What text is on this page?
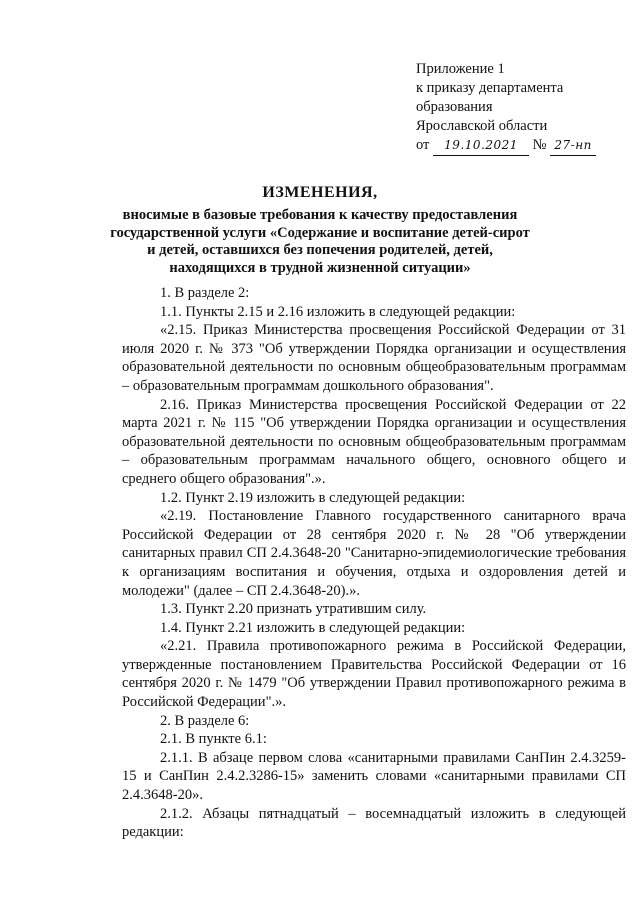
Приложение 1
к приказу департамента
образования
Ярославской области
от 19.10.2021 № 27-нп
ИЗМЕНЕНИЯ,
вносимые в базовые требования к качеству предоставления государственной услуги «Содержание и воспитание детей-сирот и детей, оставшихся без попечения родителей, детей, находящихся в трудной жизненной ситуации»

1. В разделе 2:

1.1. Пункты 2.15 и 2.16 изложить в следующей редакции:

«2.15. Приказ Министерства просвещения Российской Федерации от 31 июля 2020 г. № 373 "Об утверждении Порядка организации и осуществления образовательной деятельности по основным общеобразовательным программам – образовательным программам дошкольного образования".

2.16. Приказ Министерства просвещения Российской Федерации от 22 марта 2021 г. № 115 "Об утверждении Порядка организации и осуществления образовательной деятельности по основным общеобразовательным программам – образовательным программам начального общего, основного общего и среднего общего образования".».

1.2. Пункт 2.19 изложить в следующей редакции:

«2.19. Постановление Главного государственного санитарного врача Российской Федерации от 28 сентября 2020 г. № 28 "Об утверждении санитарных правил СП 2.4.3648-20 "Санитарно-эпидемиологические требования к организациям воспитания и обучения, отдыха и оздоровления детей и молодежи" (далее – СП 2.4.3648-20).».

1.3. Пункт 2.20 признать утратившим силу.

1.4. Пункт 2.21 изложить в следующей редакции:

«2.21. Правила противопожарного режима в Российской Федерации, утвержденные постановлением Правительства Российской Федерации от 16 сентября 2020 г. № 1479 "Об утверждении Правил противопожарного режима в Российской Федерации".».

2. В разделе 6:

2.1. В пункте 6.1:

2.1.1. В абзаце первом слова «санитарными правилами СанПин 2.4.3259-15 и СанПин 2.4.2.3286-15» заменить словами «санитарными правилами СП 2.4.3648-20».

2.1.2. Абзацы пятнадцатый – восемнадцатый изложить в следующей редакции:
